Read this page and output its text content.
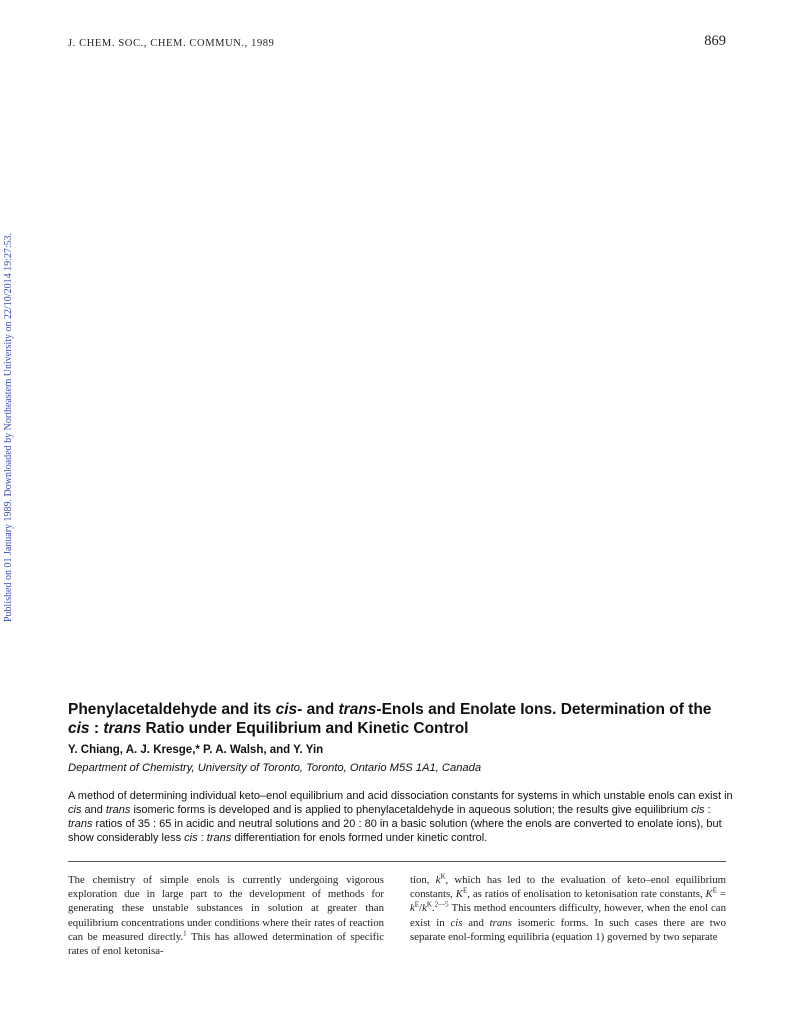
J. CHEM. SOC., CHEM. COMMUN., 1989	869
Published on 01 January 1989. Downloaded by Northeastern University on 22/10/2014 19:27:53.
Phenylacetaldehyde and its cis- and trans-Enols and Enolate Ions. Determination of the cis : trans Ratio under Equilibrium and Kinetic Control
Y. Chiang, A. J. Kresge,* P. A. Walsh, and Y. Yin
Department of Chemistry, University of Toronto, Toronto, Ontario M5S 1A1, Canada

A method of determining individual keto–enol equilibrium and acid dissociation constants for systems in which unstable enols can exist in cis and trans isomeric forms is developed and is applied to phenylacetaldehyde in aqueous solution; the results give equilibrium cis : trans ratios of 35 : 65 in acidic and neutral solutions and 20 : 80 in a basic solution (where the enols are converted to enolate ions), but show considerably less cis : trans differentiation for enols formed under kinetic control.

The chemistry of simple enols is currently undergoing vigorous exploration due in large part to the development of methods for generating these unstable substances in solution at greater than equilibrium concentrations under conditions where their rates of reaction can be measured directly.$^1$ This has allowed determination of specific rates of enol ketonisa-

tion, $k^K$, which has led to the evaluation of keto–enol equilibrium constants, $K^E$, as ratios of enolisation to ketonisation rate constants, $K^E = k^E/k^K.^{2—5}$ This method encounters difficulty, however, when the enol can exist in cis and trans isomeric forms. In such cases there are two separate enol-forming equilibria (equation 1) governed by two separate
